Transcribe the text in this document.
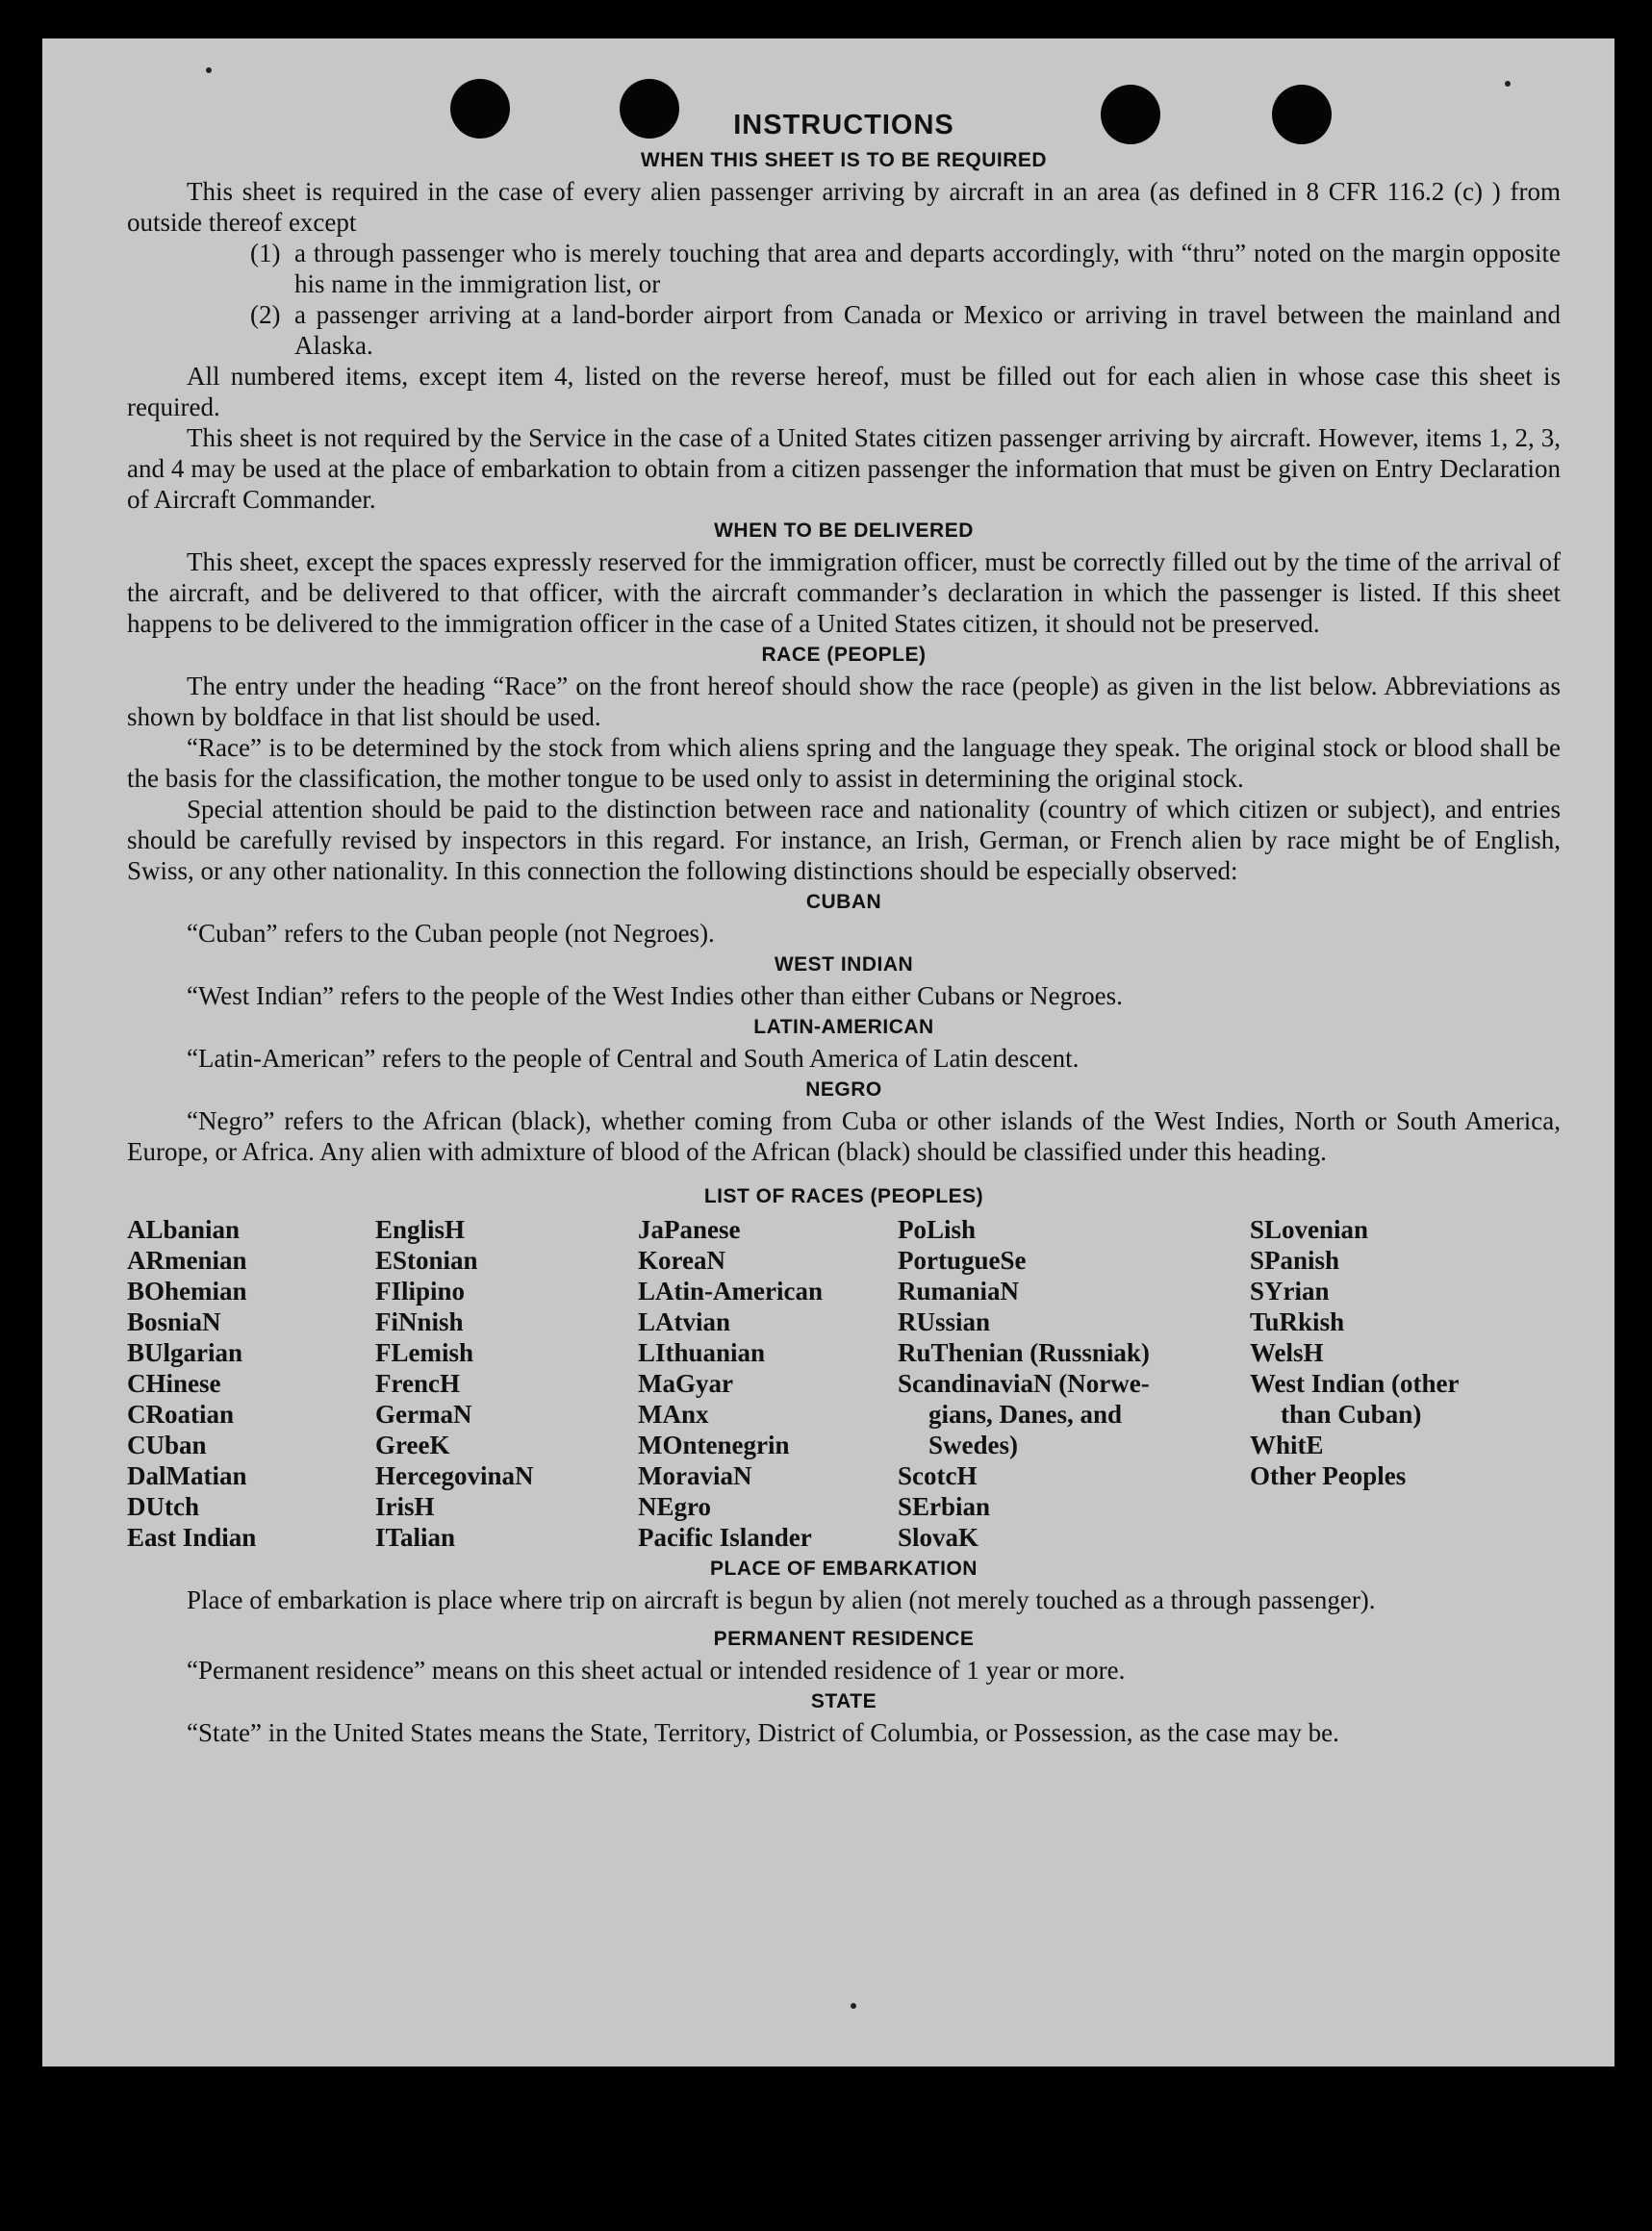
INSTRUCTIONS
WHEN THIS SHEET IS TO BE REQUIRED

This sheet is required in the case of every alien passenger arriving by aircraft in an area (as defined in 8 CFR 116.2 (c) ) from outside thereof except

(1) a through passenger who is merely touching that area and departs accordingly, with “thru” noted on the margin opposite his name in the immigration list, or
(2) a passenger arriving at a land-border airport from Canada or Mexico or arriving in travel between the mainland and Alaska.

All numbered items, except item 4, listed on the reverse hereof, must be filled out for each alien in whose case this sheet is required.

This sheet is not required by the Service in the case of a United States citizen passenger arriving by aircraft. However, items 1, 2, 3, and 4 may be used at the place of embarkation to obtain from a citizen passenger the information that must be given on Entry Declaration of Aircraft Commander.

WHEN TO BE DELIVERED

This sheet, except the spaces expressly reserved for the immigration officer, must be correctly filled out by the time of the arrival of the aircraft, and be delivered to that officer, with the aircraft commander’s declaration in which the passenger is listed. If this sheet happens to be delivered to the immigration officer in the case of a United States citizen, it should not be preserved.

RACE (PEOPLE)

The entry under the heading “Race” on the front hereof should show the race (people) as given in the list below. Abbreviations as shown by boldface in that list should be used.

“Race” is to be determined by the stock from which aliens spring and the language they speak. The original stock or blood shall be the basis for the classification, the mother tongue to be used only to assist in determining the original stock.

Special attention should be paid to the distinction between race and nationality (country of which citizen or subject), and entries should be carefully revised by inspectors in this regard. For instance, an Irish, German, or French alien by race might be of English, Swiss, or any other nationality. In this connection the following distinctions should be especially observed:

CUBAN

“Cuban” refers to the Cuban people (not Negroes).

WEST INDIAN

“West Indian” refers to the people of the West Indies other than either Cubans or Negroes.

LATIN-AMERICAN

“Latin-American” refers to the people of Central and South America of Latin descent.

NEGRO

“Negro” refers to the African (black), whether coming from Cuba or other islands of the West Indies, North or South America, Europe, or Africa. Any alien with admixture of blood of the African (black) should be classified under this heading.

LIST OF RACES (PEOPLES)
ALbanian
ARmenian
BOhemian
BosniaN
BUlgarian
CHinese
CRoatian
CUban
DalMatian
DUtch
East Indian
EnglisH
EStonian
FIlipino
FiNnish
FLemish
FrencH
GermaN
GreeK
HercegovinaN
IrisH
ITalian
JaPanese
KoreaN
LAtin-American
LAtvian
LIthuanian
MaGyar
MAnx
MOntenegrin
MoraviaN
NEgro
Pacific Islander
PoLish
PortugueSe
RumaniaN
RUssian
RuThenian (Russniak)
ScandinaviaN (Norwe-
gians, Danes, and
Swedes)
ScotcH
SErbian
SlovaK
SLovenian
SPanish
SYrian
TuRkish
WelsH
West Indian (other
than Cuban)
WhitE
Other Peoples
PLACE OF EMBARKATION

Place of embarkation is place where trip on aircraft is begun by alien (not merely touched as a through passenger).

PERMANENT RESIDENCE

“Permanent residence” means on this sheet actual or intended residence of 1 year or more.

STATE

“State” in the United States means the State, Territory, District of Columbia, or Possession, as the case may be.
